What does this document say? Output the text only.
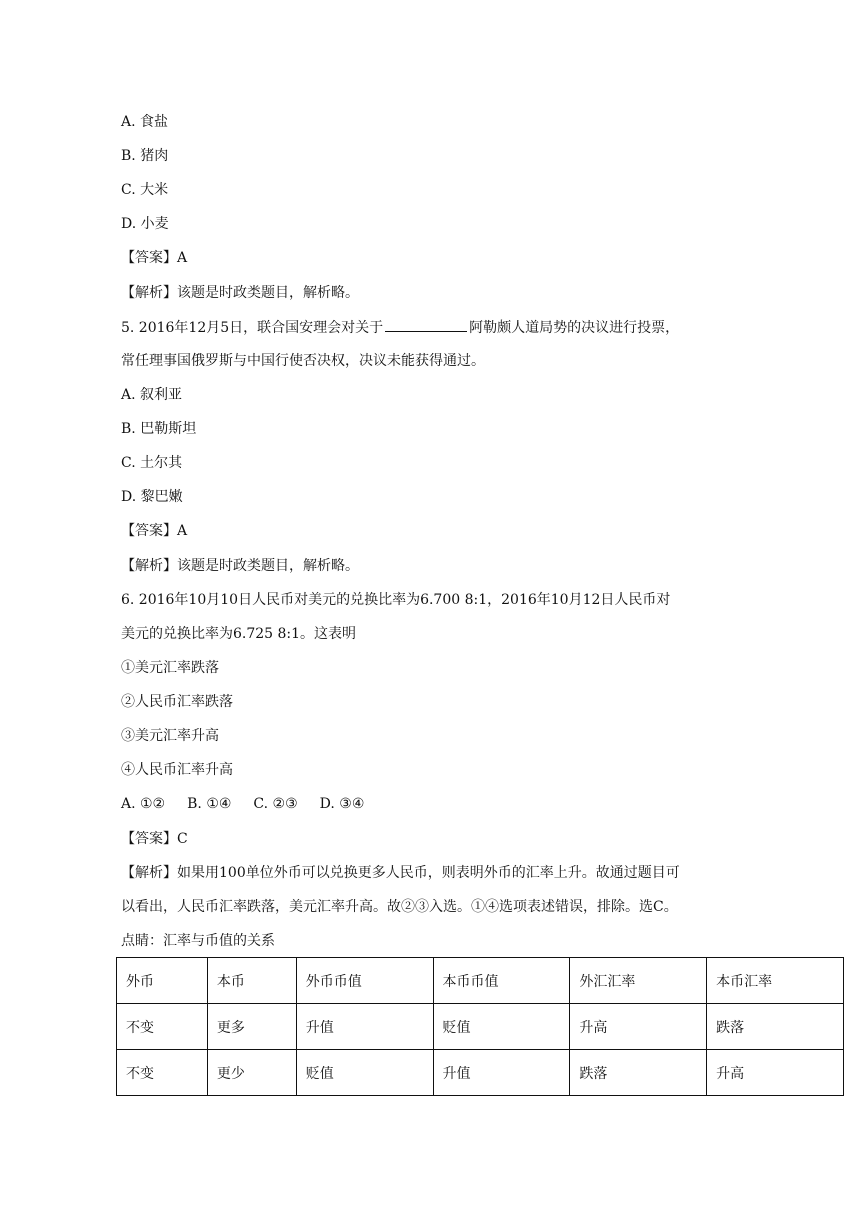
A. 食盐
B. 猪肉
C. 大米
D. 小麦
【答案】A
【解析】该题是时政类题目，解析略。
5. 2016年12月5日，联合国安理会对关于	阿勒颇人道局势的决议进行投票，
常任理事国俄罗斯与中国行使否决权，决议未能获得通过。
A. 叙利亚
B. 巴勒斯坦
C. 土尔其
D. 黎巴嫩
【答案】A
【解析】该题是时政类题目，解析略。
6. 2016年10月10日人民币对美元的兑换比率为6.700 8:1，2016年10月12日人民币对
美元的兑换比率为6.725 8:1。这表明
①美元汇率跌落
②人民币汇率跌落
③美元汇率升高
④人民币汇率升高
A. ①② B. ①④ C. ②③ D. ③④
【答案】C
【解析】如果用100单位外币可以兑换更多人民币，则表明外币的汇率上升。故通过题目可
以看出，人民币汇率跌落，美元汇率升高。故②③入选。①④选项表述错误，排除。选C。
点睛：汇率与币值的关系
外币	本币	外币币值	本币币值	外汇汇率	本币汇率
不变	更多	升值	贬值	升高	跌落
不变	更少	贬值	升值	跌落	升高
